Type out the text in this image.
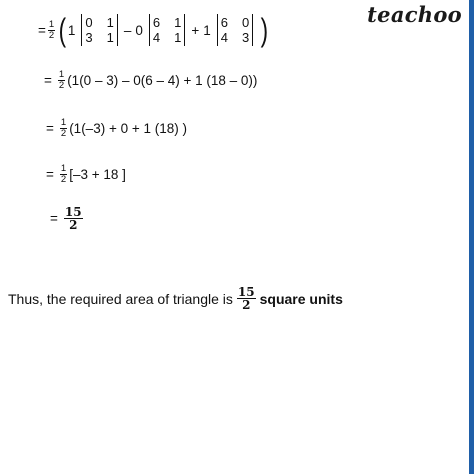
teachoo
= $\frac{1}{2}$ ( 1 0 1
3 1 – 0 6 1
4 1 + 1 6 0
4 3 )
= $\frac{1}{2} (1(0 - 3) - 0(6 - 4) + 1$ (18 – 0))
= $\frac{1}{2} (1(-3) + 0 + 1$ (18) )
= $\frac{1}{2} [-3 + 18$ ]
= $\frac{15}{2}$
Thus, the required area of triangle is $\frac{15}{2}$ square units
